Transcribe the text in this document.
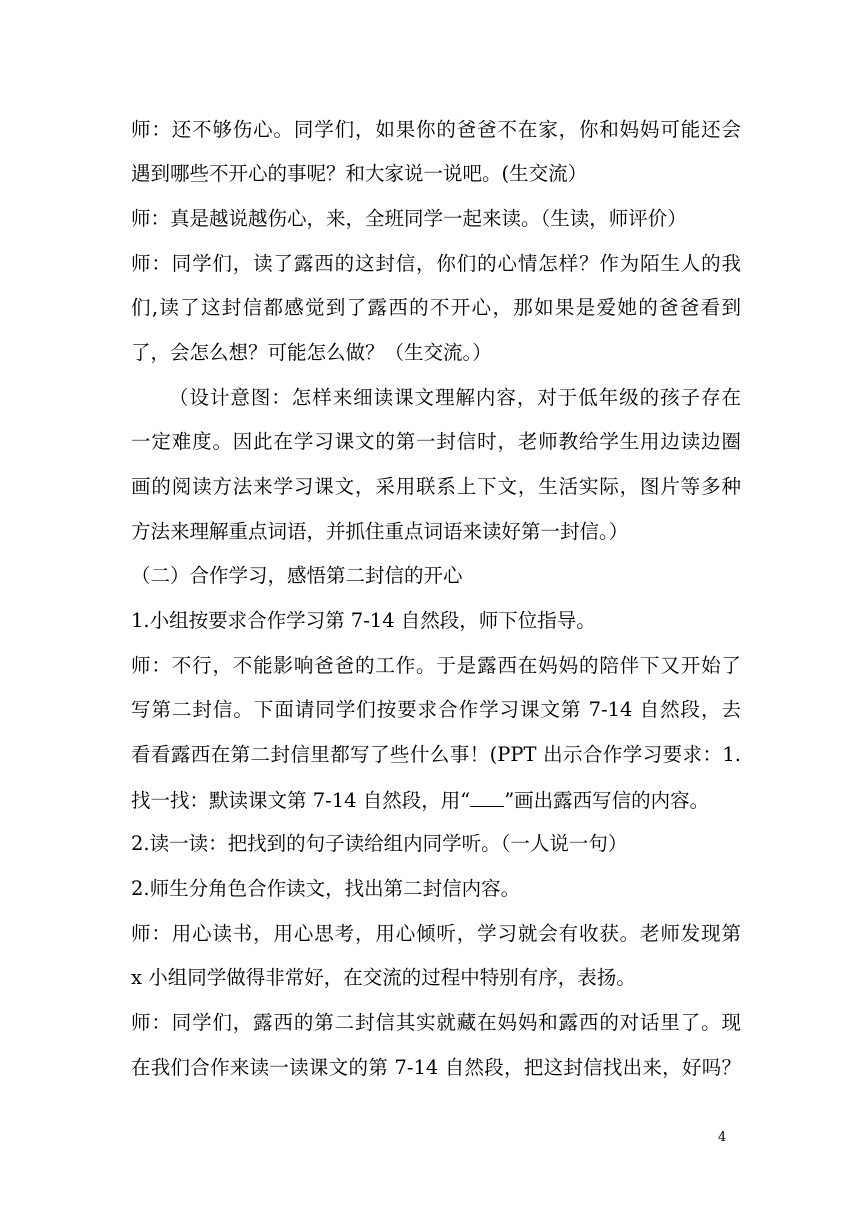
师：还不够伤心。同学们，如果你的爸爸不在家，你和妈妈可能还会
遇到哪些不开心的事呢？和大家说一说吧。(生交流）
师：真是越说越伤心，来，全班同学一起来读。（生读，师评价）
师：同学们，读了露西的这封信，你们的心情怎样？作为陌生人的我
们,读了这封信都感觉到了露西的不开心，那如果是爱她的爸爸看到
了，会怎么想？可能怎么做？（生交流。）
（设计意图：怎样来细读课文理解内容，对于低年级的孩子存在
一定难度。因此在学习课文的第一封信时，老师教给学生用边读边圈
画的阅读方法来学习课文，采用联系上下文，生活实际，图片等多种
方法来理解重点词语，并抓住重点词语来读好第一封信。）
（二）合作学习，感悟第二封信的开心
1.小组按要求合作学习第 7-14 自然段，师下位指导。
师：不行，不能影响爸爸的工作。于是露西在妈妈的陪伴下又开始了
写第二封信。下面请同学们按要求合作学习课文第 7-14 自然段，去
看看露西在第二封信里都写了些什么事！(PPT 出示合作学习要求：1.
找一找：默读课文第 7-14 自然段，用“ ”画出露西写信的内容。
2.读一读：把找到的句子读给组内同学听。（一人说一句）
2.师生分角色合作读文，找出第二封信内容。
师：用心读书，用心思考，用心倾听，学习就会有收获。老师发现第
x 小组同学做得非常好，在交流的过程中特别有序，表扬。
师：同学们，露西的第二封信其实就藏在妈妈和露西的对话里了。现
在我们合作来读一读课文的第 7-14 自然段，把这封信找出来，好吗？
4
